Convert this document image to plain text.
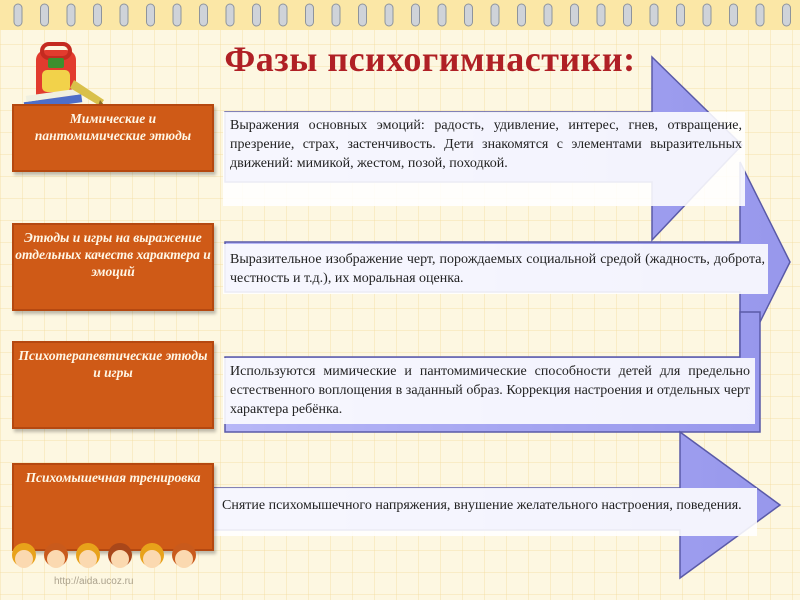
Фазы психогимнастики:
Мимические и пантомимические этюды
Этюды и игры на выражение отдельных качеств характера и эмоций
Психотерапевтические этюды и игры
Психомышечная тренировка
Выражения основных эмоций: радость, удивление, интерес, гнев, отвращение, презрение, страх, застенчивость. Дети знакомятся с элементами выразительных движений: мимикой, жестом, позой, походкой.
Выразительное изображение черт, порождаемых социальной средой (жадность, доброта, честность и т.д.), их моральная оценка.
Используются мимические и пантомимические способности детей для предельно естественного воплощения в заданный образ. Коррекция настроения и отдельных черт характера ребёнка.
Снятие психомышечного напряжения, внушение желательного настроения, поведения.
http://aida.ucoz.ru
